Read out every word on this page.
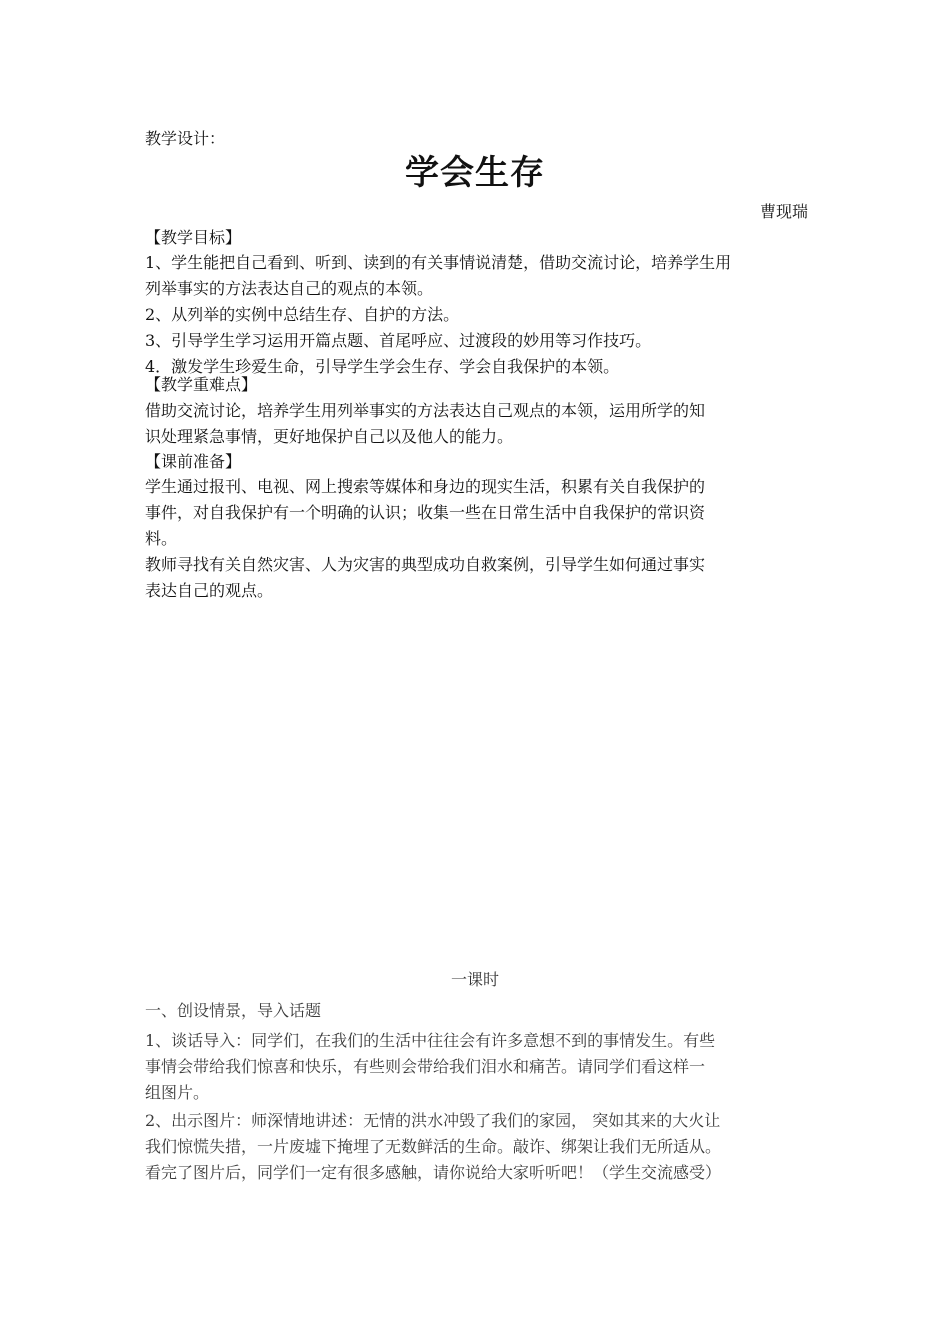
教学设计：
学会生存
曹现瑞
【教学目标】
1、学生能把自己看到、听到、读到的有关事情说清楚，借助交流讨论，培养学生用
列举事实的方法表达自己的观点的本领。
2、从列举的实例中总结生存、自护的方法。
3、引导学生学习运用开篇点题、首尾呼应、过渡段的妙用等习作技巧。
4．激发学生珍爱生命，引导学生学会生存、学会自我保护的本领。
【教学重难点】
借助交流讨论，培养学生用列举事实的方法表达自己观点的本领，运用所学的知
识处理紧急事情，更好地保护自己以及他人的能力。
【课前准备】
学生通过报刊、电视、网上搜索等媒体和身边的现实生活，积累有关自我保护的
事件，对自我保护有一个明确的认识；收集一些在日常生活中自我保护的常识资
料。
教师寻找有关自然灾害、人为灾害的典型成功自救案例，引导学生如何通过事实
表达自己的观点。
一课时
一、创设情景，导入话题
1、谈话导入：同学们，在我们的生活中往往会有许多意想不到的事情发生。有些
事情会带给我们惊喜和快乐，有些则会带给我们泪水和痛苦。请同学们看这样一
组图片。
2、出示图片：师深情地讲述：无情的洪水冲毁了我们的家园， 突如其来的大火让
我们惊慌失措，一片废墟下掩埋了无数鲜活的生命。敲诈、绑架让我们无所适从。
看完了图片后，同学们一定有很多感触，请你说给大家听听吧！（学生交流感受）
